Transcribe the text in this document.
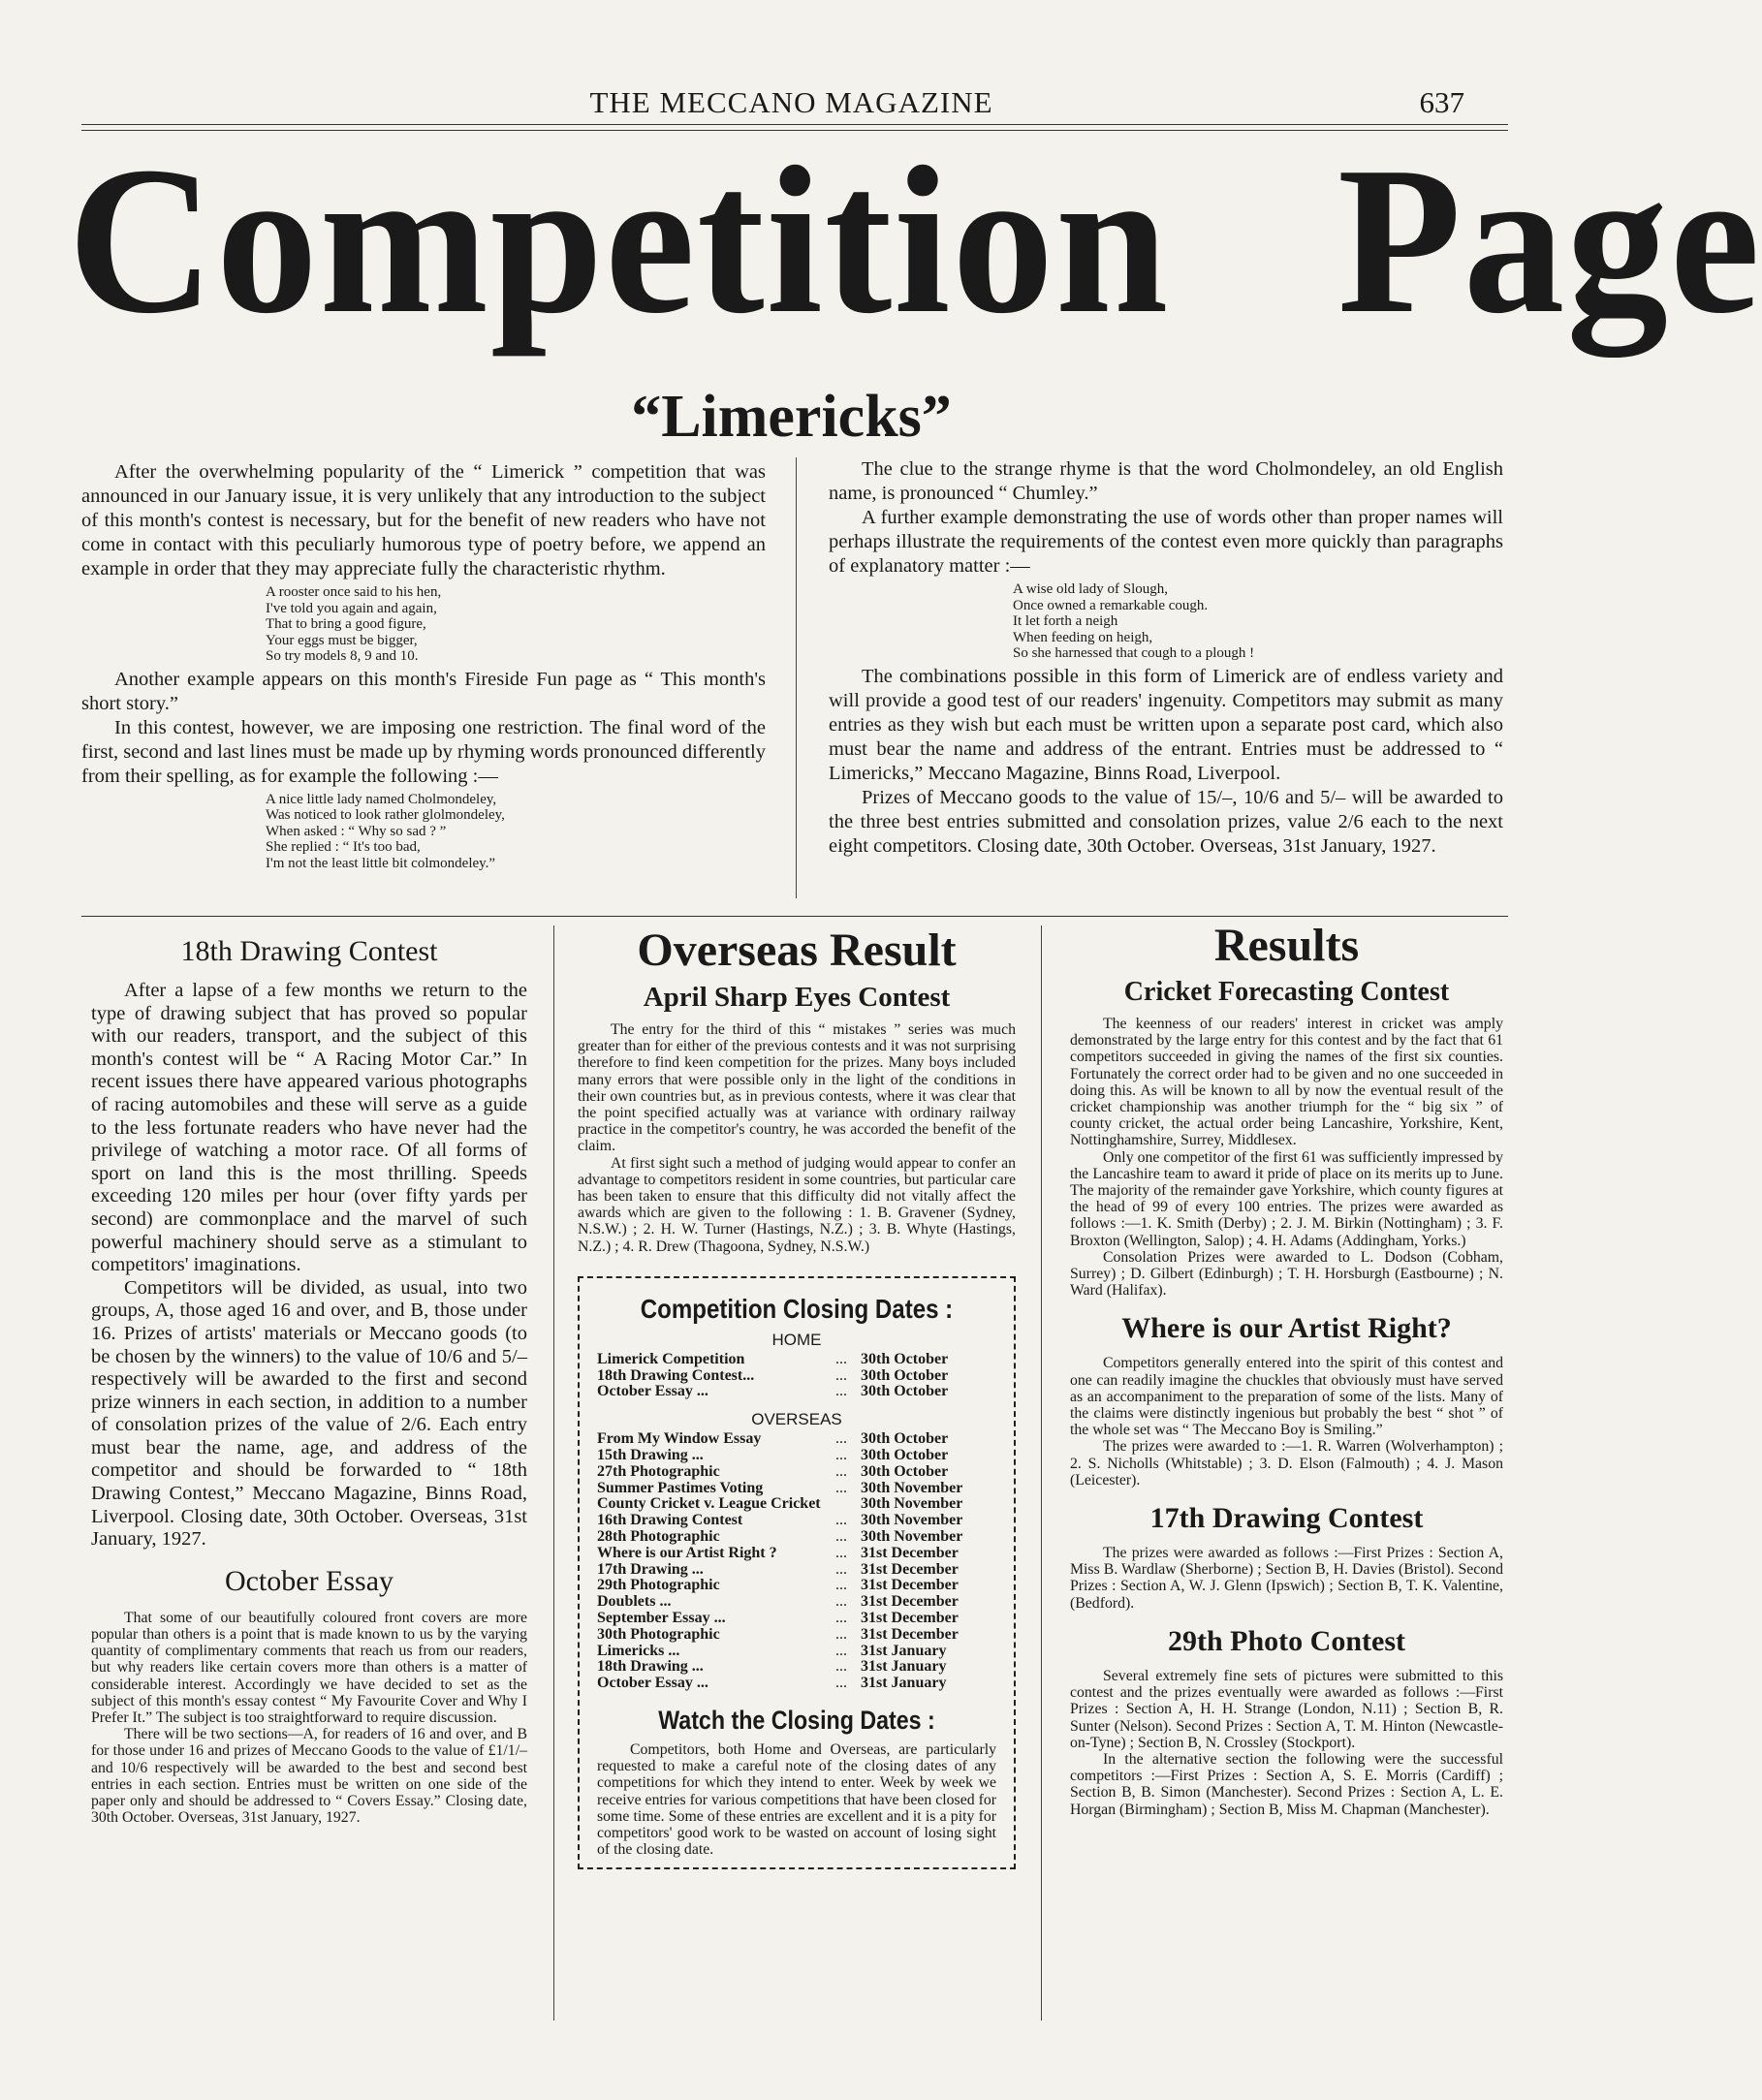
THE MECCANO MAGAZINE	637
Competition Page
“Limericks”

After the overwhelming popularity of the “ Limerick ” competition that was announced in our January issue, it is very unlikely that any introduction to the subject of this month's contest is necessary, but for the benefit of new readers who have not come in contact with this peculiarly humorous type of poetry before, we append an example in order that they may appreciate fully the characteristic rhythm.

A rooster once said to his hen,
I've told you again and again,
That to bring a good figure,
Your eggs must be bigger,
So try models 8, 9 and 10.

Another example appears on this month's Fireside Fun page as “ This month's short story.”

In this contest, however, we are imposing one restriction. The final word of the first, second and last lines must be made up by rhyming words pronounced differently from their spelling, as for example the following :—

A nice little lady named Cholmondeley,
Was noticed to look rather glolmondeley,
When asked : “ Why so sad ? ”
She replied : “ It's too bad,
I'm not the least little bit colmondeley.”

The clue to the strange rhyme is that the word Cholmondeley, an old English name, is pronounced “ Chumley.”

A further example demonstrating the use of words other than proper names will perhaps illustrate the requirements of the contest even more quickly than paragraphs of explanatory matter :—

A wise old lady of Slough,
Once owned a remarkable cough.
It let forth a neigh
When feeding on heigh,
So she harnessed that cough to a plough !

The combinations possible in this form of Limerick are of endless variety and will provide a good test of our readers' ingenuity. Competitors may submit as many entries as they wish but each must be written upon a separate post card, which also must bear the name and address of the entrant. Entries must be addressed to “ Limericks,” Meccano Magazine, Binns Road, Liverpool.

Prizes of Meccano goods to the value of 15/–, 10/6 and 5/– will be awarded to the three best entries submitted and consolation prizes, value 2/6 each to the next eight competitors. Closing date, 30th October. Overseas, 31st January, 1927.

18th Drawing Contest

After a lapse of a few months we return to the type of drawing subject that has proved so popular with our readers, transport, and the subject of this month's contest will be “ A Racing Motor Car.” In recent issues there have appeared various photographs of racing automobiles and these will serve as a guide to the less fortunate readers who have never had the privilege of watching a motor race. Of all forms of sport on land this is the most thrilling. Speeds exceeding 120 miles per hour (over fifty yards per second) are commonplace and the marvel of such powerful machinery should serve as a stimulant to competitors' imaginations.

Competitors will be divided, as usual, into two groups, A, those aged 16 and over, and B, those under 16. Prizes of artists' materials or Meccano goods (to be chosen by the winners) to the value of 10/6 and 5/– respectively will be awarded to the first and second prize winners in each section, in addition to a number of consolation prizes of the value of 2/6. Each entry must bear the name, age, and address of the competitor and should be forwarded to “ 18th Drawing Contest,” Meccano Magazine, Binns Road, Liverpool. Closing date, 30th October. Overseas, 31st January, 1927.

October Essay

That some of our beautifully coloured front covers are more popular than others is a point that is made known to us by the varying quantity of complimentary comments that reach us from our readers, but why readers like certain covers more than others is a matter of considerable interest. Accordingly we have decided to set as the subject of this month's essay contest “ My Favourite Cover and Why I Prefer It.” The subject is too straightforward to require discussion.

There will be two sections—A, for readers of 16 and over, and B for those under 16 and prizes of Meccano Goods to the value of £1/1/– and 10/6 respectively will be awarded to the best and second best entries in each section. Entries must be written on one side of the paper only and should be addressed to “ Covers Essay.” Closing date, 30th October. Overseas, 31st January, 1927.

Overseas Result
April Sharp Eyes Contest

The entry for the third of this “ mistakes ” series was much greater than for either of the previous contests and it was not surprising therefore to find keen competition for the prizes. Many boys included many errors that were possible only in the light of the conditions in their own countries but, as in previous contests, where it was clear that the point specified actually was at variance with ordinary railway practice in the competitor's country, he was accorded the benefit of the claim.

At first sight such a method of judging would appear to confer an advantage to competitors resident in some countries, but particular care has been taken to ensure that this difficulty did not vitally affect the awards which are given to the following : 1. B. Gravener (Sydney, N.S.W.) ; 2. H. W. Turner (Hastings, N.Z.) ; 3. B. Whyte (Hastings, N.Z.) ; 4. R. Drew (Thagoona, Sydney, N.S.W.)

Competition Closing Dates :
HOME
Limerick Competition	...	30th October
18th Drawing Contest...	...	30th October
October Essay ...	...	30th October
OVERSEAS
From My Window Essay	...	30th October
15th Drawing ...	...	30th October
27th Photographic	...	30th October
Summer Pastimes Voting	...	30th November
County Cricket v. League Cricket		30th November
16th Drawing Contest	...	30th November
28th Photographic	...	30th November
Where is our Artist Right ?	...	31st December
17th Drawing ...	...	31st December
29th Photographic	...	31st December
Doublets ...	...	31st December
September Essay ...	...	31st December
30th Photographic	...	31st December
Limericks ...	...	31st January
18th Drawing ...	...	31st January
October Essay ...	...	31st January
Watch the Closing Dates :

Competitors, both Home and Overseas, are particularly requested to make a careful note of the closing dates of any competitions for which they intend to enter. Week by week we receive entries for various competitions that have been closed for some time. Some of these entries are excellent and it is a pity for competitors' good work to be wasted on account of losing sight of the closing date.

Results
Cricket Forecasting Contest

The keenness of our readers' interest in cricket was amply demonstrated by the large entry for this contest and by the fact that 61 competitors succeeded in giving the names of the first six counties. Fortunately the correct order had to be given and no one succeeded in doing this. As will be known to all by now the eventual result of the cricket championship was another triumph for the “ big six ” of county cricket, the actual order being Lancashire, Yorkshire, Kent, Nottinghamshire, Surrey, Middlesex.

Only one competitor of the first 61 was sufficiently impressed by the Lancashire team to award it pride of place on its merits up to June. The majority of the remainder gave Yorkshire, which county figures at the head of 99 of every 100 entries. The prizes were awarded as follows :—1. K. Smith (Derby) ; 2. J. M. Birkin (Nottingham) ; 3. F. Broxton (Wellington, Salop) ; 4. H. Adams (Addingham, Yorks.)

Consolation Prizes were awarded to L. Dodson (Cobham, Surrey) ; D. Gilbert (Edinburgh) ; T. H. Horsburgh (Eastbourne) ; N. Ward (Halifax).

Where is our Artist Right?

Competitors generally entered into the spirit of this contest and one can readily imagine the chuckles that obviously must have served as an accompaniment to the preparation of some of the lists. Many of the claims were distinctly ingenious but probably the best “ shot ” of the whole set was “ The Meccano Boy is Smiling.”

The prizes were awarded to :—1. R. Warren (Wolverhampton) ; 2. S. Nicholls (Whitstable) ; 3. D. Elson (Falmouth) ; 4. J. Mason (Leicester).

17th Drawing Contest

The prizes were awarded as follows :—First Prizes : Section A, Miss B. Wardlaw (Sherborne) ; Section B, H. Davies (Bristol). Second Prizes : Section A, W. J. Glenn (Ipswich) ; Section B, T. K. Valentine, (Bedford).

29th Photo Contest

Several extremely fine sets of pictures were submitted to this contest and the prizes eventually were awarded as follows :—First Prizes : Section A, H. H. Strange (London, N.11) ; Section B, R. Sunter (Nelson). Second Prizes : Section A, T. M. Hinton (Newcastle-on-Tyne) ; Section B, N. Crossley (Stockport).

In the alternative section the following were the successful competitors :—First Prizes : Section A, S. E. Morris (Cardiff) ; Section B, B. Simon (Manchester). Second Prizes : Section A, L. E. Horgan (Birmingham) ; Section B, Miss M. Chapman (Manchester).
